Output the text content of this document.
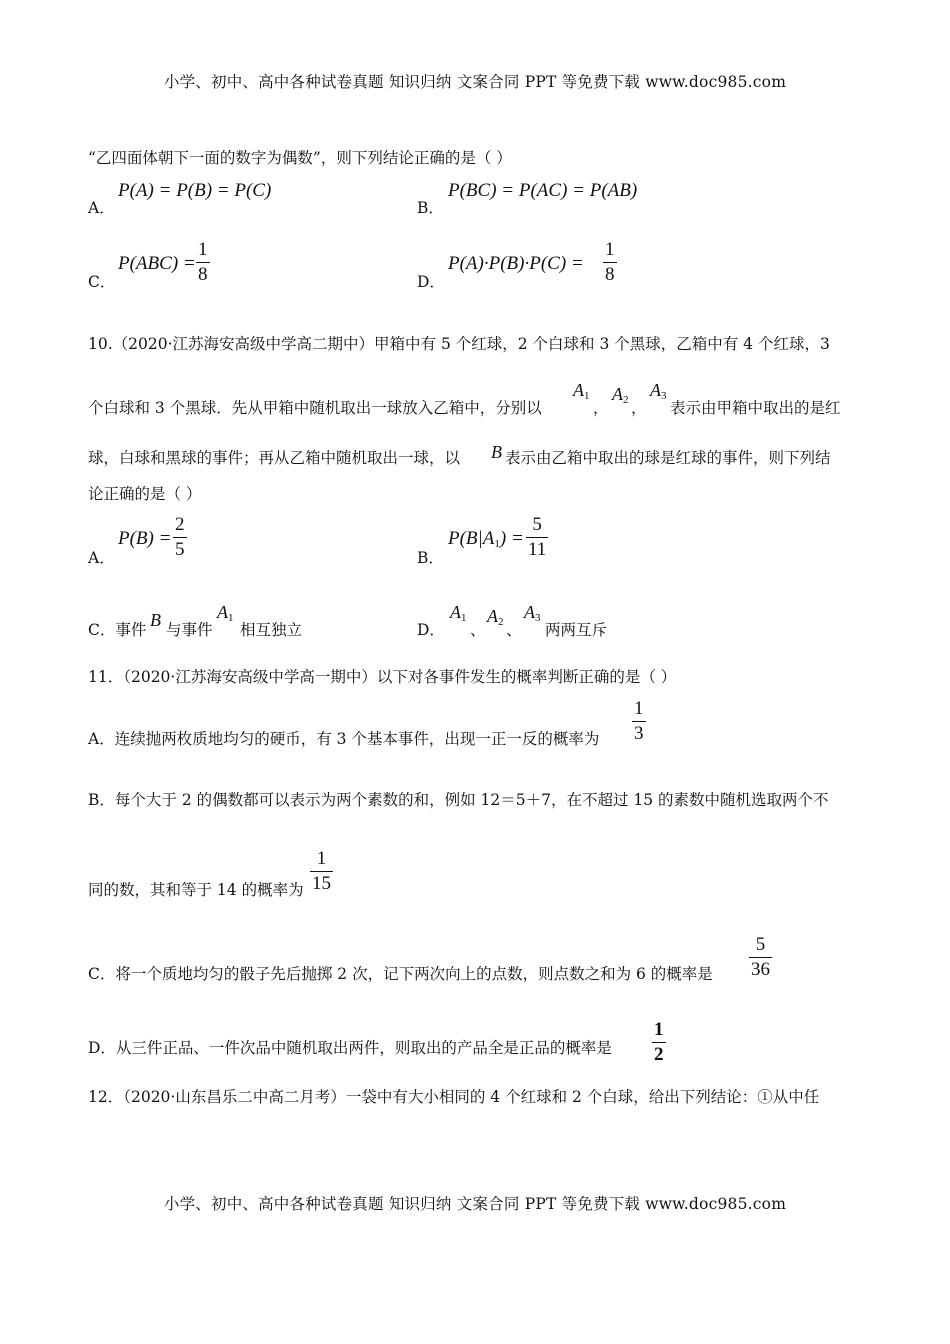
小学、初中、高中各种试卷真题 知识归纳 文案合同 PPT 等免费下载 www.doc985.com
“乙四面体朝下一面的数字为偶数”，则下列结论正确的是（ ）
A．
P(A) = P(B) = P(C)
B．
P(BC) = P(AC) = P(AB)
C．
$P(ABC) = \frac{1}{8}$	D．
$P(A)\cdot P(B)\cdot P(C) = \frac{1}{8}$
10.（2020·江苏海安高级中学高二期中）甲箱中有 5 个红球，2 个白球和 3 个黑球，乙箱中有 4 个红球，3
个白球和 3 个黑球．先从甲箱中随机取出一球放入乙箱中，分别以
$A_1$
，
$A_2$ ，
$A_3$
表示由甲箱中取出的是红
球，白球和黑球的事件；再从乙箱中随机取出一球，以 B 表示由乙箱中取出的球是红球的事件，则下列结
论正确的是（ ）
A．
$P(B) = \frac{2}{5}$	B．
$P(B|A_1) = \frac{5}{11}$
C．事件 B 与事件
$A_1$
相互独立	D．
$A_1$
、
$A_2$ 、
$A_3$
两两互斥
11．（2020·江苏海安高级中学高一期中）以下对各事件发生的概率判断正确的是（ ）
A．连续抛两枚质地均匀的硬币，有 3 个基本事件，出现一正一反的概率为 $\frac{1}{3}$
B．每个大于 2 的偶数都可以表示为两个素数的和，例如 12＝5＋7，在不超过 15 的素数中随机选取两个不
同的数，其和等于 14 的概率为 $\frac{1}{15}$
C．将一个质地均匀的骰子先后抛掷 2 次，记下两次向上的点数，则点数之和为 6 的概率是 $\frac{5}{36}$
D．从三件正品、一件次品中随机取出两件，则取出的产品全是正品的概率是 $\frac{1}{2}$
12．（2020·山东昌乐二中高二月考）一袋中有大小相同的 4 个红球和 2 个白球，给出下列结论：①从中任
小学、初中、高中各种试卷真题 知识归纳 文案合同 PPT 等免费下载 www.doc985.com
